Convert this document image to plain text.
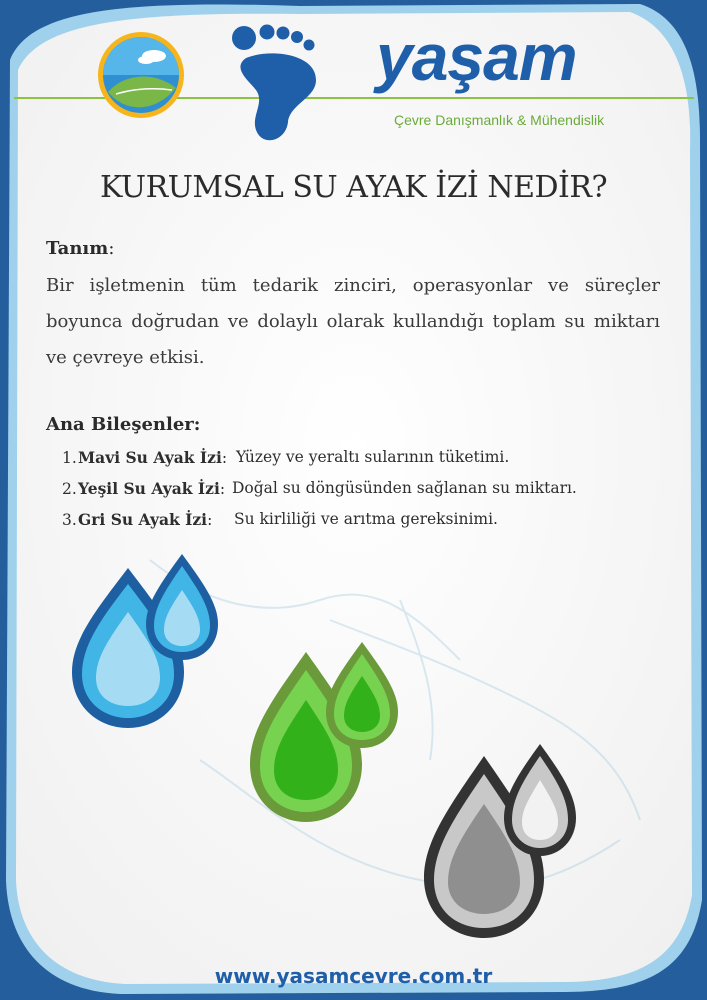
yaşam
Çevre Danışmanlık & Mühendislik
KURUMSAL SU AYAK İZİ NEDİR?
Tanım:
Bir işletmenin tüm tedarik zinciri, operasyonlar ve süreçler boyunca doğrudan ve dolaylı olarak kullandığı toplam su miktarı ve çevreye etkisi.
Ana Bileşenler:
1.Mavi Su Ayak İzi: Yüzey ve yeraltı sularının tüketimi.
2.Yeşil Su Ayak İzi: Doğal su döngüsünden sağlanan su miktarı.
3.Gri Su Ayak İzi: Su kirliliği ve arıtma gereksinimi.
www.yasamcevre.com.tr
